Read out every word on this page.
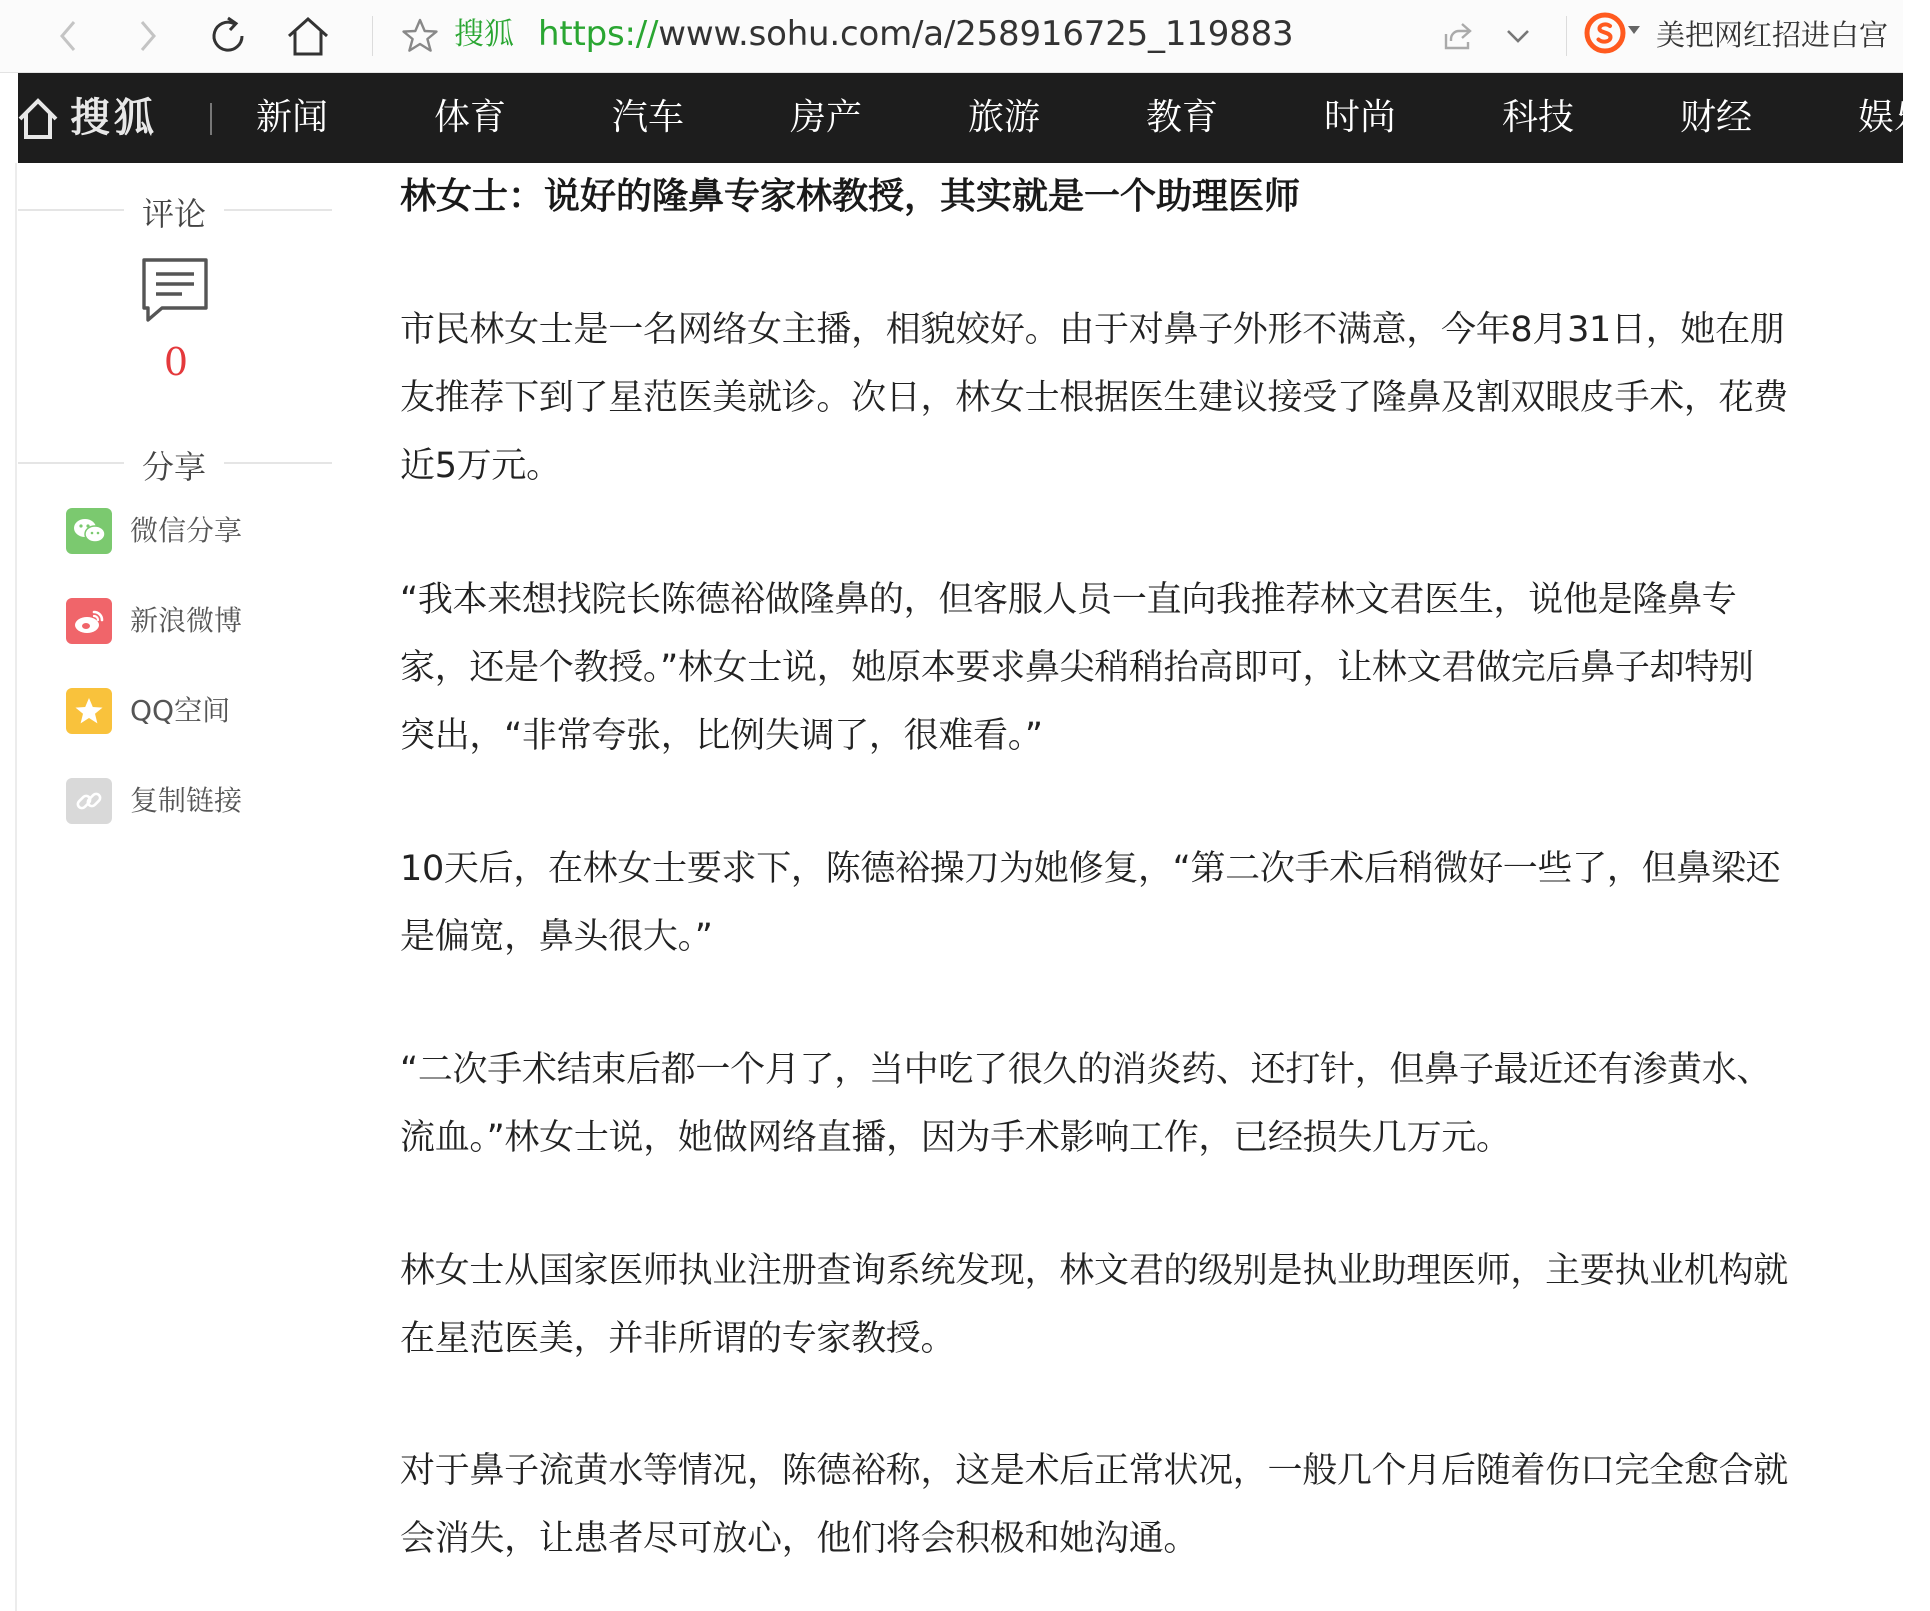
搜狐 https://www.sohu.com/a/258916725_119883	美把网红招进白宫
搜狐	新闻	体育	汽车	房产	旅游	教育	时尚	科技	财经	娱乐
评论
0
分享
微信分享
新浪微博
QQ空间
复制链接
林女士：说好的隆鼻专家林教授，其实就是一个助理医师
市民林女士是一名网络女主播，相貌姣好。由于对鼻子外形不满意，今年8月31日，她在朋
友推荐下到了星范医美就诊。次日，林女士根据医生建议接受了隆鼻及割双眼皮手术，花费
近5万元。
“我本来想找院长陈德裕做隆鼻的，但客服人员一直向我推荐林文君医生，说他是隆鼻专
家，还是个教授。”林女士说，她原本要求鼻尖稍稍抬高即可，让林文君做完后鼻子却特别
突出，“非常夸张，比例失调了，很难看。”
10天后，在林女士要求下，陈德裕操刀为她修复，“第二次手术后稍微好一些了，但鼻梁还
是偏宽，鼻头很大。”
“二次手术结束后都一个月了，当中吃了很久的消炎药、还打针，但鼻子最近还有渗黄水、
流血。”林女士说，她做网络直播，因为手术影响工作，已经损失几万元。
林女士从国家医师执业注册查询系统发现，林文君的级别是执业助理医师，主要执业机构就
在星范医美，并非所谓的专家教授。
对于鼻子流黄水等情况，陈德裕称，这是术后正常状况，一般几个月后随着伤口完全愈合就
会消失，让患者尽可放心，他们将会积极和她沟通。
